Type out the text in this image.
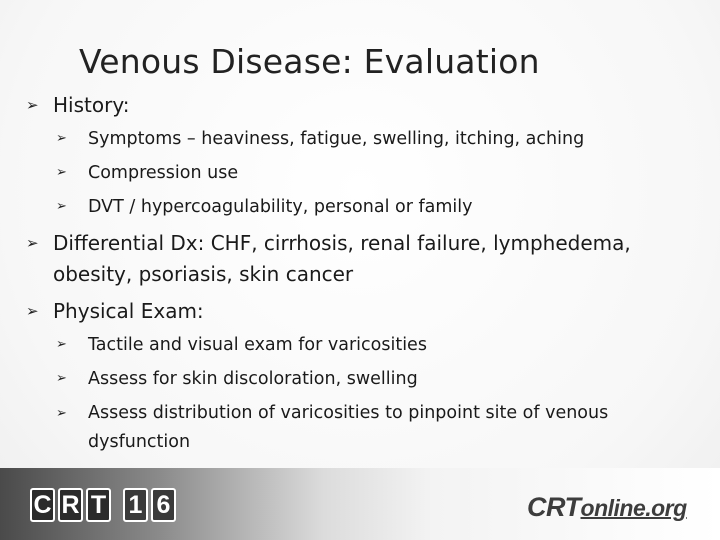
Venous Disease: Evaluation
➢ History:
➢ Symptoms – heaviness, fatigue, swelling, itching, aching
➢ Compression use
➢ DVT / hypercoagulability, personal or family
➢ Differential Dx: CHF, cirrhosis, renal failure, lymphedema, obesity, psoriasis, skin cancer
➢ Physical Exam:
➢ Tactile and visual exam for varicosities
➢ Assess for skin discoloration, swelling
➢ Assess distribution of varicosities to pinpoint site of venous dysfunction
C R T 1 6	CRTonline.org
